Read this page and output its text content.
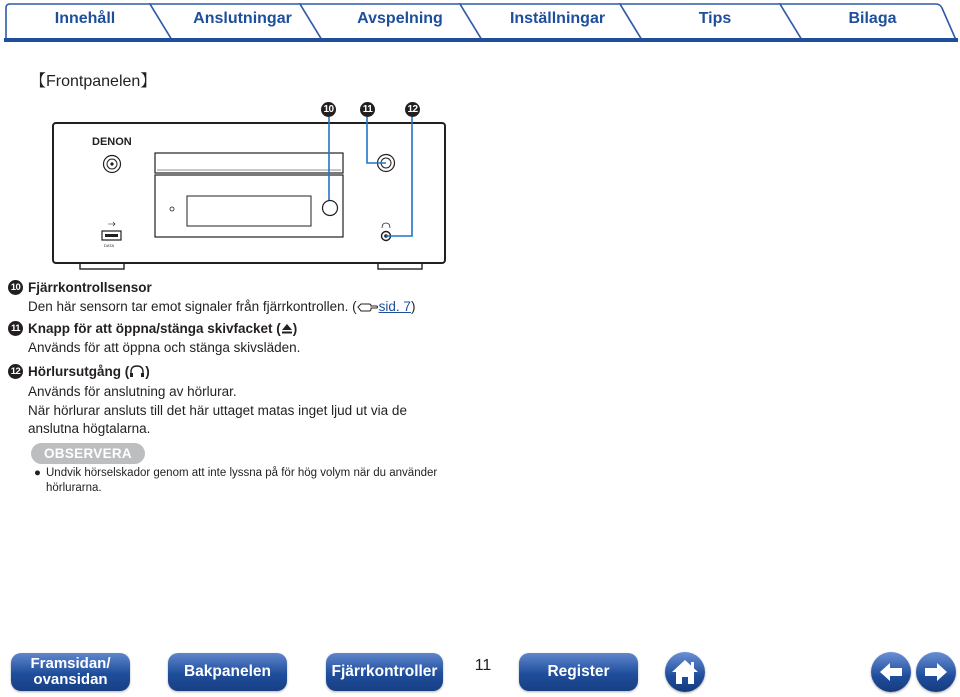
Innehåll	Anslutningar	Avspelning	Inställningar	Tips	Bilaga
【Frontpanelen】
10	11	12
DENON
DATA
10 Fjärrkontrollsensor
Den här sensorn tar emot signaler från fjärrkontrollen. ( sid. 7)
11 Knapp för att öppna/stänga skivfacket ( )
Används för att öppna och stänga skivsläden.
12 Hörlursutgång ( )
Används för anslutning av hörlurar.
När hörlurar ansluts till det här uttaget matas inget ljud ut via de
anslutna högtalarna.
OBSERVERA
● Undvik hörselskador genom att inte lyssna på för hög volym när du använder hörlurarna.
Framsidan/
ovansidan	Bakpanelen	Fjärrkontroller	11	Register
